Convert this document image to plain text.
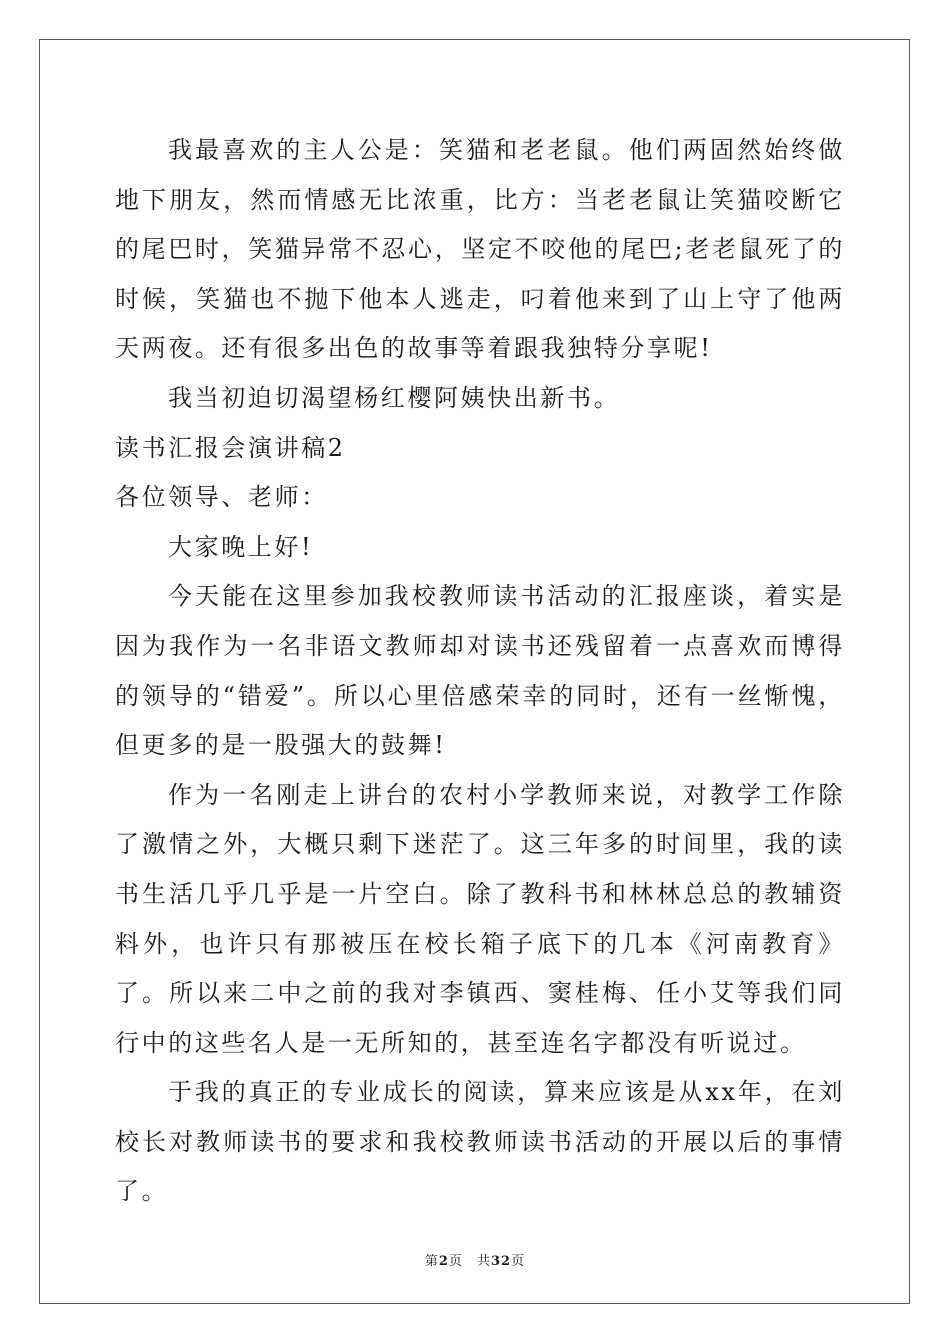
我最喜欢的主人公是：笑猫和老老鼠。他们两固然始终做地下朋友，然而情感无比浓重，比方：当老老鼠让笑猫咬断它的尾巴时，笑猫异常不忍心，坚定不咬他的尾巴;老老鼠死了的时候，笑猫也不抛下他本人逃走，叼着他来到了山上守了他两天两夜。还有很多出色的故事等着跟我独特分享呢!

我当初迫切渴望杨红樱阿姨快出新书。

读书汇报会演讲稿2

各位领导、老师：

大家晚上好!

今天能在这里参加我校教师读书活动的汇报座谈，着实是因为我作为一名非语文教师却对读书还残留着一点喜欢而博得的领导的“错爱”。所以心里倍感荣幸的同时，还有一丝惭愧，但更多的是一股强大的鼓舞!

作为一名刚走上讲台的农村小学教师来说，对教学工作除了激情之外，大概只剩下迷茫了。这三年多的时间里，我的读书生活几乎几乎是一片空白。除了教科书和林林总总的教辅资料外，也许只有那被压在校长箱子底下的几本《河南教育》了。所以来二中之前的我对李镇西、窦桂梅、任小艾等我们同行中的这些名人是一无所知的，甚至连名字都没有听说过。

于我的真正的专业成长的阅读，算来应该是从xx年，在刘校长对教师读书的要求和我校教师读书活动的开展以后的事情了。

第2页 共32页
